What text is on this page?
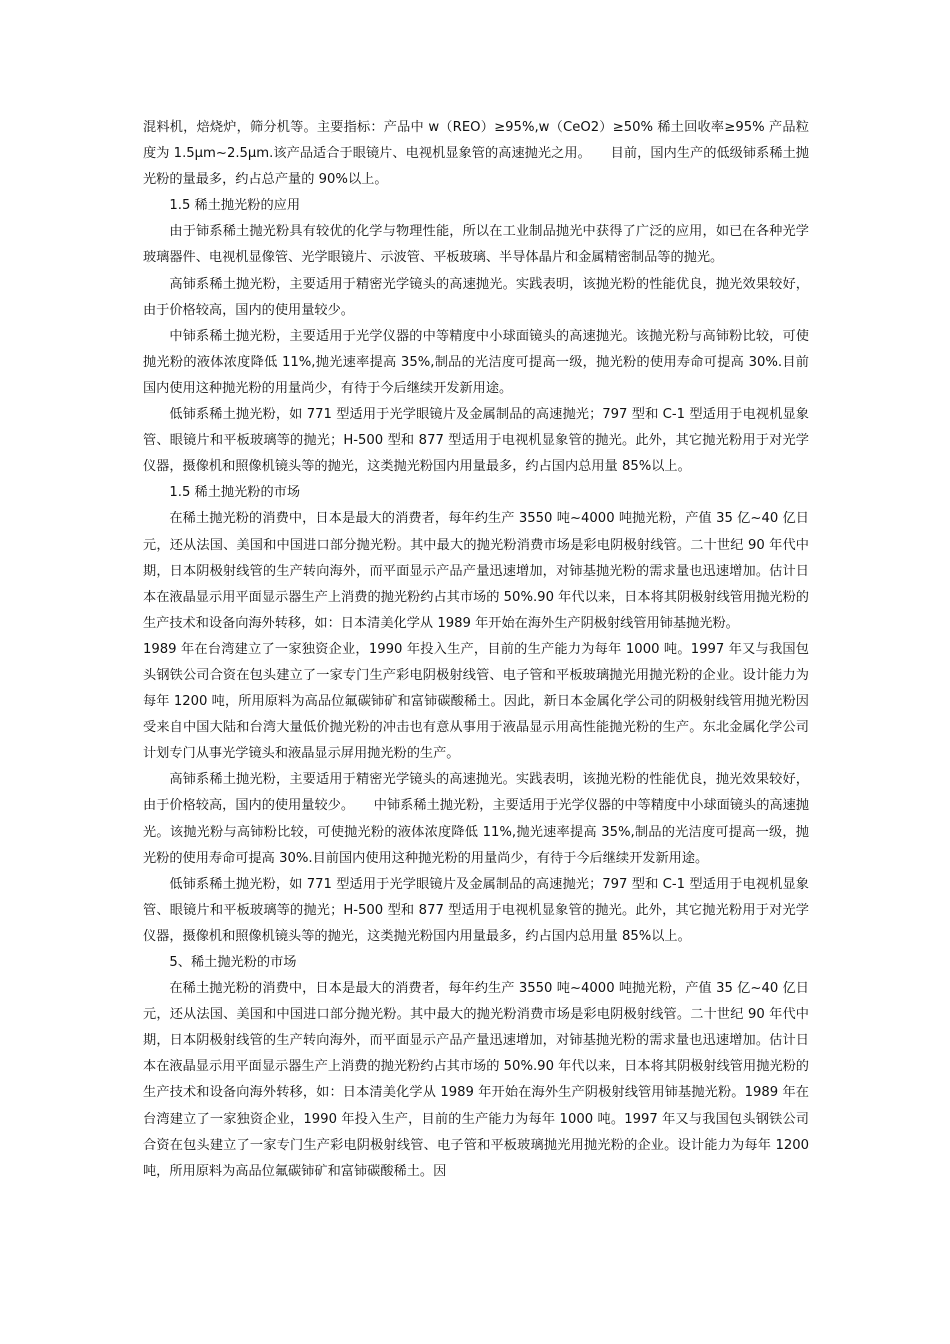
混料机，焙烧炉，筛分机等。主要指标：产品中 w（REO）≥95%,w（CeO2）≥50% 稀土回收率≥95% 产品粒度为 1.5μm~2.5μm.该产品适合于眼镜片、电视机显象管的高速抛光之用。　　目前，国内生产的低级铈系稀土抛光粉的量最多，约占总产量的 90%以上。

1.5 稀土抛光粉的应用

由于铈系稀土抛光粉具有较优的化学与物理性能，所以在工业制品抛光中获得了广泛的应用，如已在各种光学玻璃器件、电视机显像管、光学眼镜片、示波管、平板玻璃、半导体晶片和金属精密制品等的抛光。

高铈系稀土抛光粉，主要适用于精密光学镜头的高速抛光。实践表明，该抛光粉的性能优良，抛光效果较好，由于价格较高，国内的使用量较少。

中铈系稀土抛光粉，主要适用于光学仪器的中等精度中小球面镜头的高速抛光。该抛光粉与高铈粉比较，可使抛光粉的液体浓度降低 11%,抛光速率提高 35%,制品的光洁度可提高一级，抛光粉的使用寿命可提高 30%.目前国内使用这种抛光粉的用量尚少，有待于今后继续开发新用途。

低铈系稀土抛光粉，如 771 型适用于光学眼镜片及金属制品的高速抛光；797 型和 C-1 型适用于电视机显象管、眼镜片和平板玻璃等的抛光；H-500 型和 877 型适用于电视机显象管的抛光。此外，其它抛光粉用于对光学仪器，摄像机和照像机镜头等的抛光，这类抛光粉国内用量最多，约占国内总用量 85%以上。

1.5 稀土抛光粉的市场

在稀土抛光粉的消费中，日本是最大的消费者，每年约生产 3550 吨~4000 吨抛光粉，产值 35 亿~40 亿日元，还从法国、美国和中国进口部分抛光粉。其中最大的抛光粉消费市场是彩电阴极射线管。二十世纪 90 年代中期，日本阴极射线管的生产转向海外，而平面显示产品产量迅速增加，对铈基抛光粉的需求量也迅速增加。估计日本在液晶显示用平面显示器生产上消费的抛光粉约占其市场的 50%.90 年代以来，日本将其阴极射线管用抛光粉的生产技术和设备向海外转移，如：日本清美化学从 1989 年开始在海外生产阴极射线管用铈基抛光粉。

1989 年在台湾建立了一家独资企业，1990 年投入生产，目前的生产能力为每年 1000 吨。1997 年又与我国包头钢铁公司合资在包头建立了一家专门生产彩电阴极射线管、电子管和平板玻璃抛光用抛光粉的企业。设计能力为每年 1200 吨，所用原料为高品位氟碳铈矿和富铈碳酸稀土。因此，新日本金属化学公司的阴极射线管用抛光粉因受来自中国大陆和台湾大量低价抛光粉的冲击也有意从事用于液晶显示用高性能抛光粉的生产。东北金属化学公司计划专门从事光学镜头和液晶显示屏用抛光粉的生产。

高铈系稀土抛光粉，主要适用于精密光学镜头的高速抛光。实践表明，该抛光粉的性能优良，抛光效果较好，由于价格较高，国内的使用量较少。　　中铈系稀土抛光粉，主要适用于光学仪器的中等精度中小球面镜头的高速抛光。该抛光粉与高铈粉比较，可使抛光粉的液体浓度降低 11%,抛光速率提高 35%,制品的光洁度可提高一级，抛光粉的使用寿命可提高 30%.目前国内使用这种抛光粉的用量尚少，有待于今后继续开发新用途。

低铈系稀土抛光粉，如 771 型适用于光学眼镜片及金属制品的高速抛光；797 型和 C-1 型适用于电视机显象管、眼镜片和平板玻璃等的抛光；H-500 型和 877 型适用于电视机显象管的抛光。此外，其它抛光粉用于对光学仪器，摄像机和照像机镜头等的抛光，这类抛光粉国内用量最多，约占国内总用量 85%以上。

5、稀土抛光粉的市场

在稀土抛光粉的消费中，日本是最大的消费者，每年约生产 3550 吨~4000 吨抛光粉，产值 35 亿~40 亿日元，还从法国、美国和中国进口部分抛光粉。其中最大的抛光粉消费市场是彩电阴极射线管。二十世纪 90 年代中期，日本阴极射线管的生产转向海外，而平面显示产品产量迅速增加，对铈基抛光粉的需求量也迅速增加。估计日本在液晶显示用平面显示器生产上消费的抛光粉约占其市场的 50%.90 年代以来，日本将其阴极射线管用抛光粉的生产技术和设备向海外转移，如：日本清美化学从 1989 年开始在海外生产阴极射线管用铈基抛光粉。1989 年在台湾建立了一家独资企业，1990 年投入生产，目前的生产能力为每年 1000 吨。1997 年又与我国包头钢铁公司合资在包头建立了一家专门生产彩电阴极射线管、电子管和平板玻璃抛光用抛光粉的企业。设计能力为每年 1200 吨，所用原料为高品位氟碳铈矿和富铈碳酸稀土。因
